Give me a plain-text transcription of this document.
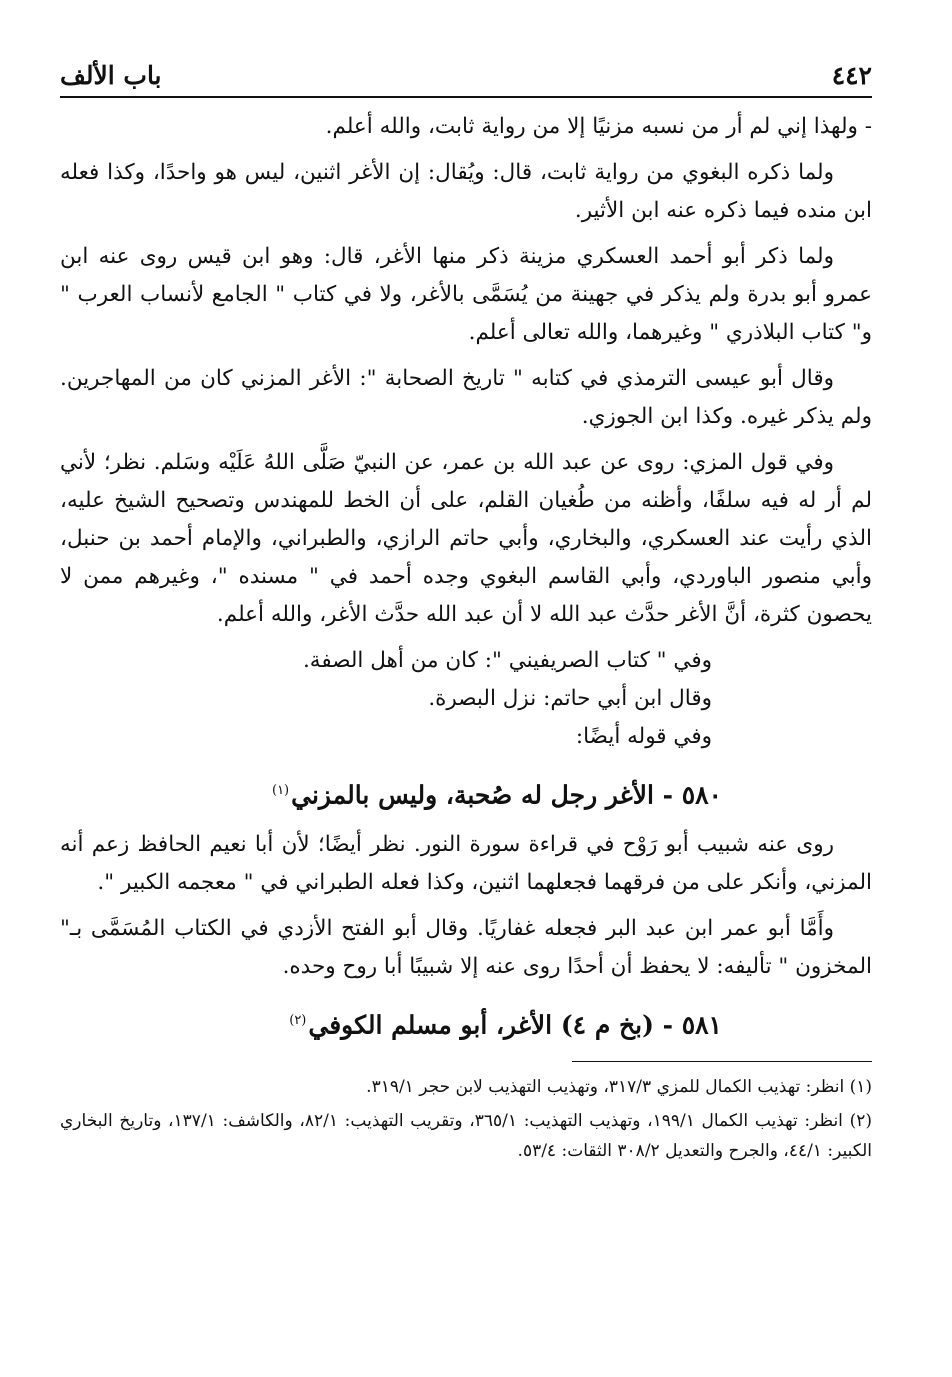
٤٤٢
باب الألف

- ولهذا إني لم أر من نسبه مزنيًا إلا من رواية ثابت، والله أعلم.

ولما ذكره البغوي من رواية ثابت، قال: ويُقال: إن الأغر اثنين، ليس هو واحدًا، وكذا فعله ابن منده فيما ذكره عنه ابن الأثير.

ولما ذكر أبو أحمد العسكري مزينة ذكر منها الأغر، قال: وهو ابن قيس روى عنه ابن عمرو أبو بدرة ولم يذكر في جهينة من يُسَمَّى بالأغر، ولا في كتاب " الجامع لأنساب العرب " و" كتاب البلاذري " وغيرهما، والله تعالى أعلم.

وقال أبو عيسى الترمذي في كتابه " تاريخ الصحابة ": الأغر المزني كان من المهاجرين. ولم يذكر غيره. وكذا ابن الجوزي.

وفي قول المزي: روى عن عبد الله بن عمر، عن النبيّ صَلَّى اللهُ عَلَيْه وسَلم. نظر؛ لأني لم أر له فيه سلفًا، وأظنه من طُغيان القلم، على أن الخط للمهندس وتصحيح الشيخ عليه، الذي رأيت عند العسكري، والبخاري، وأبي حاتم الرازي، والطبراني، والإمام أحمد بن حنبل، وأبي منصور الباوردي، وأبي القاسم البغوي وجده أحمد في " مسنده "، وغيرهم ممن لا يحصون كثرة، أنَّ الأغر حدَّث عبد الله لا أن عبد الله حدَّث الأغر، والله أعلم.

وفي " كتاب الصريفيني ": كان من أهل الصفة.

وقال ابن أبي حاتم: نزل البصرة.

وفي قوله أيضًا:

٥٨٠ - الأغر رجل له صُحبة، وليس بالمزني$^{(١)}$

روى عنه شبيب أبو رَوْح في قراءة سورة النور. نظر أيضًا؛ لأن أبا نعيم الحافظ زعم أنه المزني، وأنكر على من فرقهما فجعلهما اثنين، وكذا فعله الطبراني في " معجمه الكبير ".

وأَمَّا أبو عمر ابن عبد البر فجعله غفاريًا. وقال أبو الفتح الأزدي في الكتاب المُسَمَّى بـ" المخزون " تأليفه: لا يحفظ أن أحدًا روى عنه إلا شبيبًا أبا روح وحده.

٥٨١ - (بخ م ٤) الأغر، أبو مسلم الكوفي$^{(٢)}$

(١) انظر: تهذيب الكمال للمزي ٣١٧/٣، وتهذيب التهذيب لابن حجر ٣١٩/١.

(٢) انظر: تهذيب الكمال ١٩٩/١، وتهذيب التهذيب: ٣٦٥/١، وتقريب التهذيب: ٨٢/١، والكاشف: ١٣٧/١، وتاريخ البخاري الكبير: ٤٤/١، والجرح والتعديل ٣٠٨/٢ الثقات: ٥٣/٤.
